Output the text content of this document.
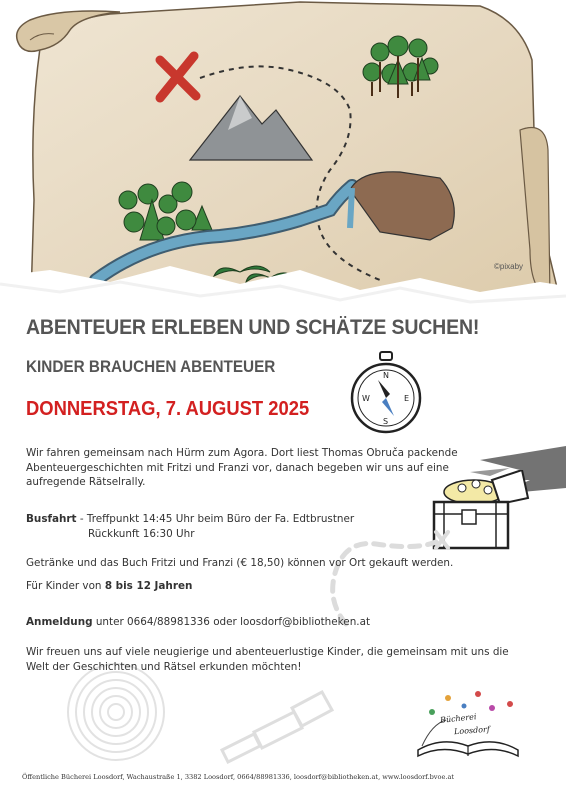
©pixaby
N
S
W	E
Bücherei
Loosdorf
ABENTEUER ERLEBEN UND SCHÄTZE SUCHEN!
KINDER BRAUCHEN ABENTEUER
DONNERSTAG, 7. AUGUST 2025
Wir fahren gemeinsam nach Hürm zum Agora. Dort liest Thomas Obruča packende Abenteuergeschichten mit Fritzi und Franzi vor, danach begeben wir uns auf eine aufregende Rätselrally.
Busfahrt - Treffpunkt 14:45 Uhr beim Büro der Fa. Edtbrustner
Rückkunft 16:30 Uhr
Getränke und das Buch Fritzi und Franzi (€ 18,50) können vor Ort gekauft werden.
Für Kinder von 8 bis 12 Jahren
Anmeldung unter 0664/88981336 oder loosdorf@bibliotheken.at
Wir freuen uns auf viele neugierige und abenteuerlustige Kinder, die gemeinsam mit uns die Welt der Geschichten und Rätsel erkunden möchten!
Öffentliche Bücherei Loosdorf, Wachaustraße 1, 3382 Loosdorf, 0664/88981336, loosdorf@bibliotheken.at, www.loosdorf.bvoe.at
